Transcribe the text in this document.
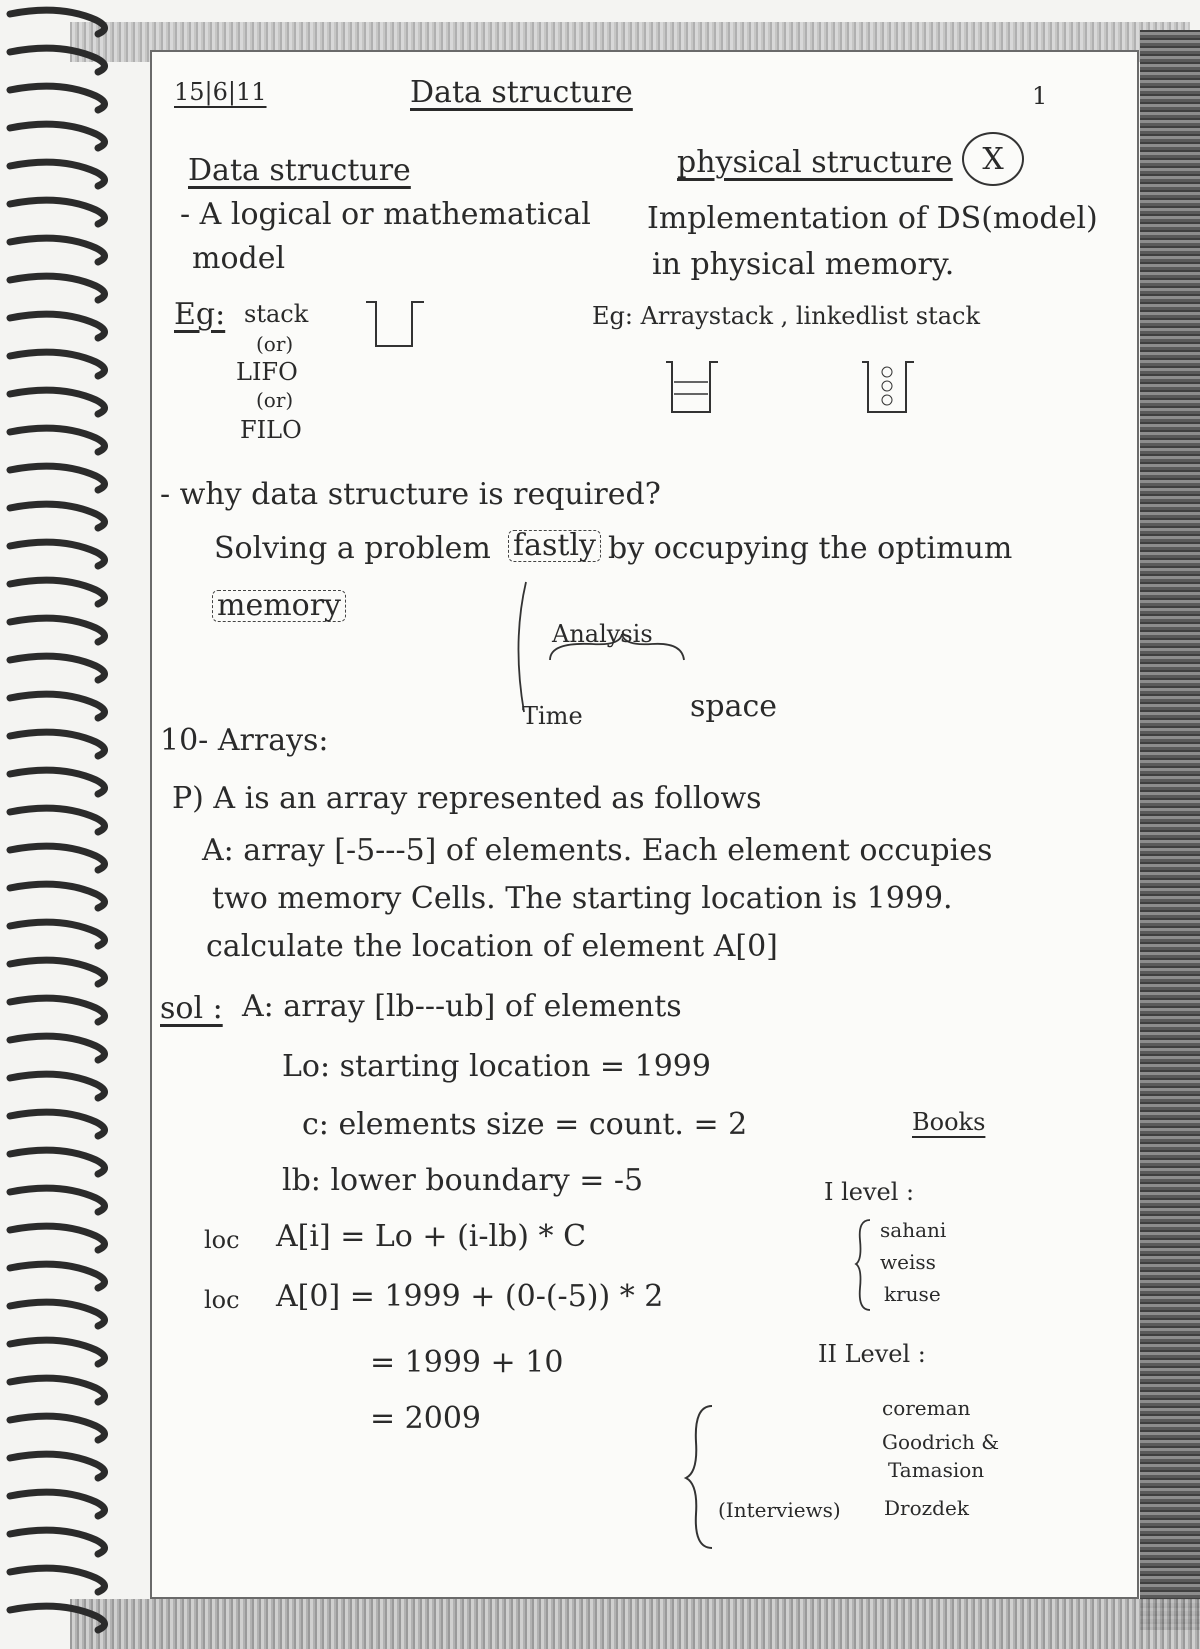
15|6|11	Data structure	1
Data structure
- A logical or mathematical
model
Eg: stack
(or)
LIFO
(or)
FILO
physical structure X
Implementation of DS(model)
in physical memory.
Eg: Arraystack , linkedlist stack
- why data structure is required?
Solving a problem fastly by occupying the optimum
memory
Analysis
Time	space
10- Arrays:
P) A is an array represented as follows
A: array [-5---5] of elements. Each element occupies
two memory Cells. The starting location is 1999.
calculate the location of element A[0]
sol : A: array [lb---ub] of elements
Lo: starting location = 1999
c: elements size = count. = 2
lb: lower boundary = -5
loc A[i] = Lo + (i-lb) * C
loc A[0] = 1999 + (0-(-5)) * 2
= 1999 + 10
= 2009
Books
I level :
sahani
weiss
kruse
II Level :
coreman
Goodrich &
Tamasion
(Interviews) Drozdek
